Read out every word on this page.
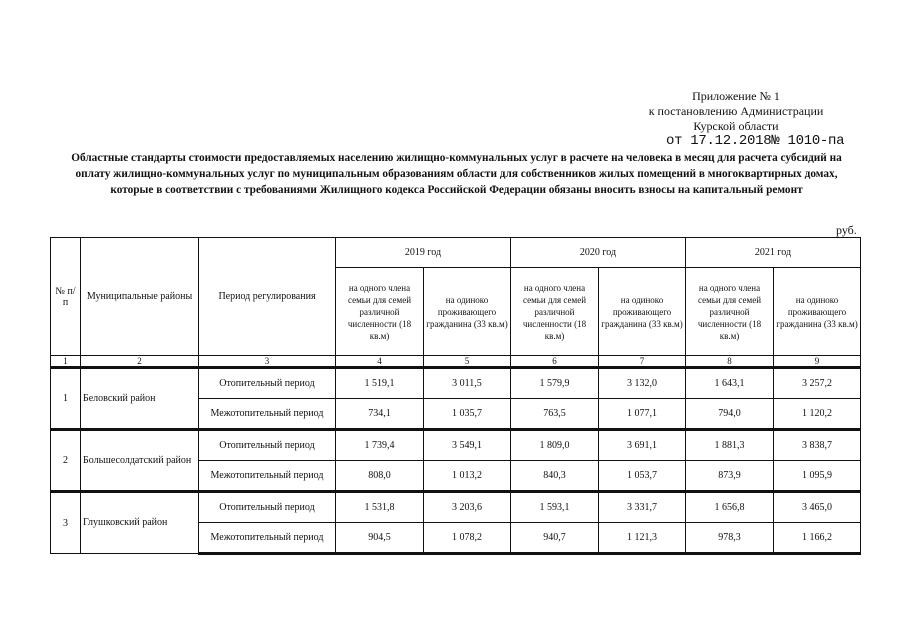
Приложение № 1
к постановлению Администрации
Курской области
от 17.12.2018№ 1010-па
Областные стандарты стоимости предоставляемых населению жилищно-коммунальных услуг в расчете на человека в месяц для расчета субсидий на оплату жилищно-коммунальных услуг по муниципальным образованиям области для собственников жилых помещений в многоквартирных домах, которые в соответствии с требованиями Жилищного кодекса Российской Федерации обязаны вносить взносы на капитальный ремонт
руб.
№ п/п	Муниципальные районы	Период регулирования	2019 год		2020 год		2021 год	
			на одного члена семьи для семей различной численности (18 кв.м)	на одиноко проживающего гражданина (33 кв.м)	на одного члена семьи для семей различной численности (18 кв.м)	на одиноко проживающего гражданина (33 кв.м)	на одного члена семьи для семей различной численности (18 кв.м)	на одиноко проживающего гражданина (33 кв.м)
1	2	3	4	5	6	7	8	9
1	Беловский район	Отопительный период	1 519,1	3 011,5	1 579,9	3 132,0	1 643,1	3 257,2
		Межотопительный период	734,1	1 035,7	763,5	1 077,1	794,0	1 120,2
2	Большесолдатский район	Отопительный период	1 739,4	3 549,1	1 809,0	3 691,1	1 881,3	3 838,7
		Межотопительный период	808,0	1 013,2	840,3	1 053,7	873,9	1 095,9
3	Глушковский район	Отопительный период	1 531,8	3 203,6	1 593,1	3 331,7	1 656,8	3 465,0
		Межотопительный период	904,5	1 078,2	940,7	1 121,3	978,3	1 166,2
